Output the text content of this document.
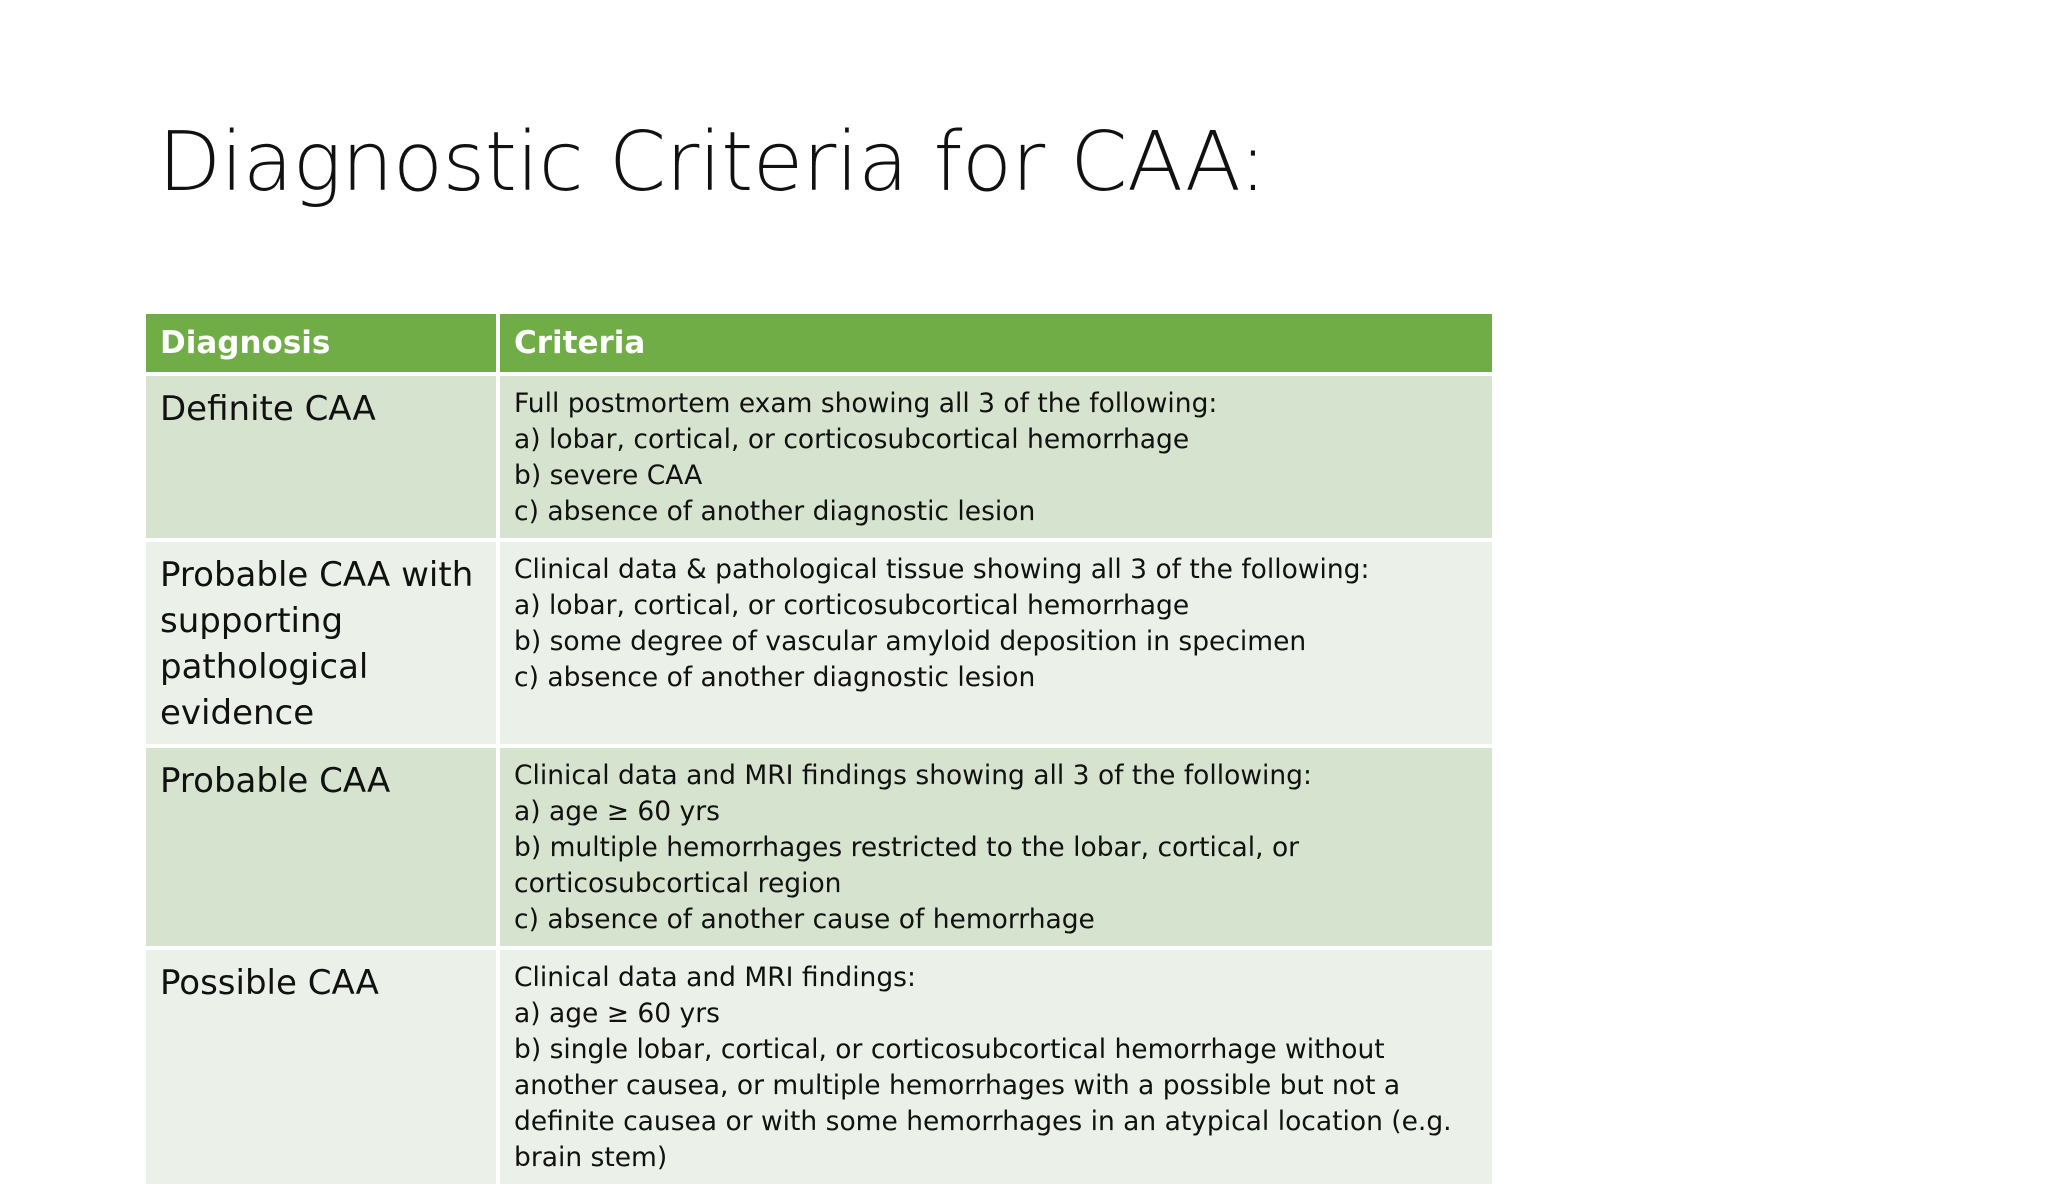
Diagnostic Criteria for CAA:
Diagnosis	Criteria
Definite CAA	Full postmortem exam showing all 3 of the following:
a) lobar, cortical, or corticosubcortical hemorrhage
b) severe CAA
c) absence of another diagnostic lesion

Probable CAA with supporting pathological evidence	Clinical data & pathological tissue showing all 3 of the following:
a) lobar, cortical, or corticosubcortical hemorrhage
b) some degree of vascular amyloid deposition in specimen
c) absence of another diagnostic lesion

Probable CAA	Clinical data and MRI findings showing all 3 of the following:
a) age ≥ 60 yrs
b) multiple hemorrhages restricted to the lobar, cortical, or corticosubcortical region
c) absence of another cause of hemorrhage

Possible CAA	Clinical data and MRI findings:
a) age ≥ 60 yrs
b) single lobar, cortical, or corticosubcortical hemorrhage without another causea, or multiple hemorrhages with a possible but not a definite causea or with some hemorrhages in an atypical location (e.g. brain stem)
